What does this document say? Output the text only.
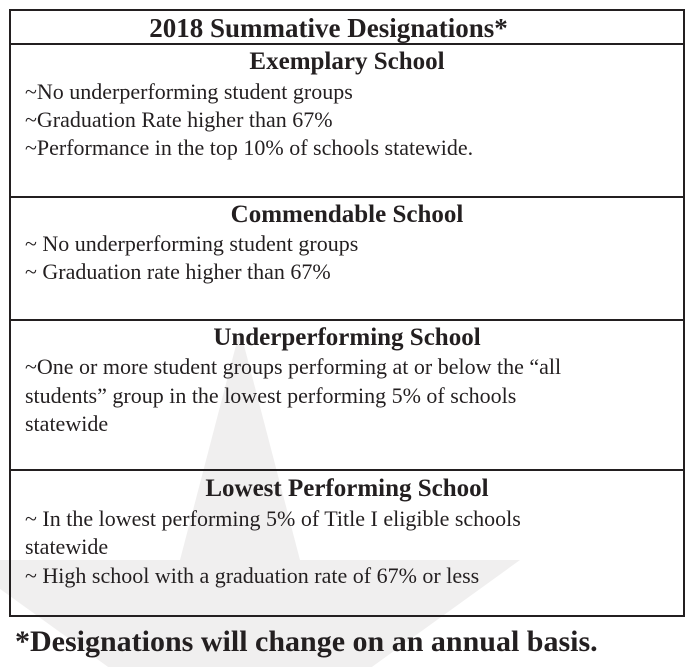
2018 Summative Designations*
Exemplary School
~No underperforming student groups
~Graduation Rate higher than 67%
~Performance in the top 10% of schools statewide.
Commendable School
~ No underperforming student groups
~ Graduation rate higher than 67%
Underperforming School
~One or more student groups performing at or below the “all
students” group in the lowest performing 5% of schools
statewide
Lowest Performing School
~ In the lowest performing 5% of Title I eligible schools
statewide
~ High school with a graduation rate of 67% or less
*Designations will change on an annual basis.
